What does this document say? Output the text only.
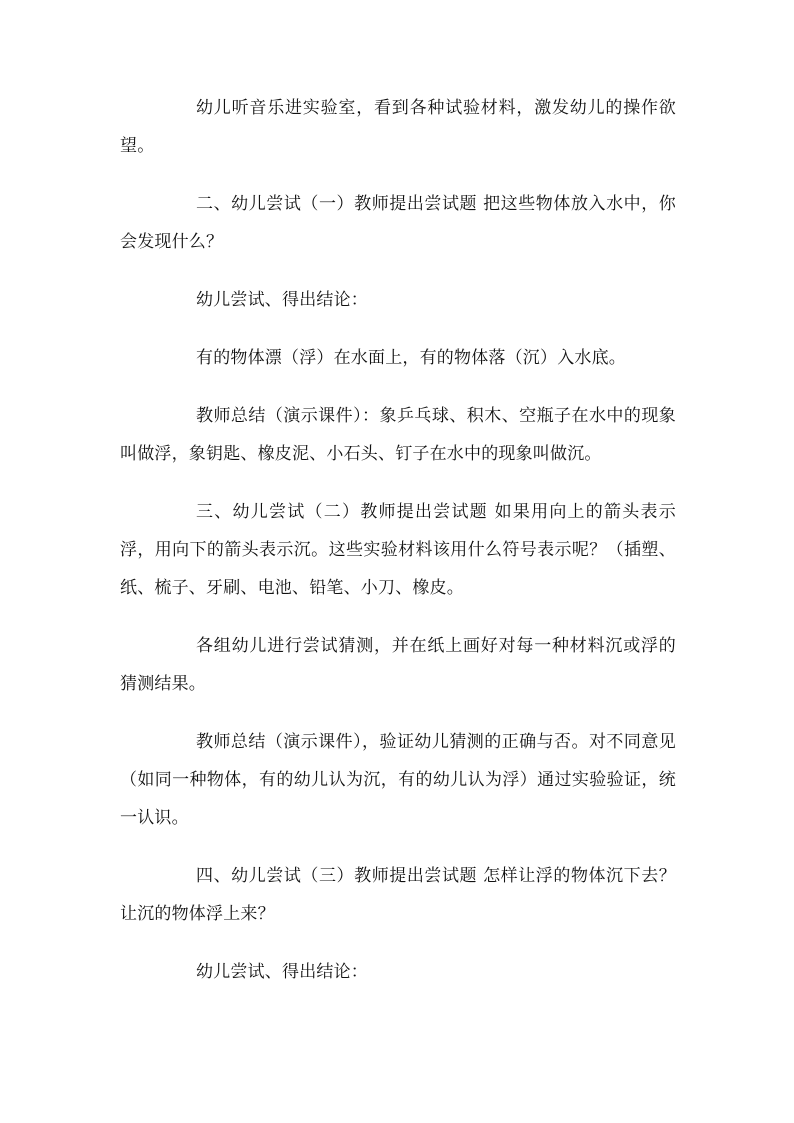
幼儿听音乐进实验室，看到各种试验材料，激发幼儿的操作欲望。

二、幼儿尝试（一）教师提出尝试题 把这些物体放入水中，你会发现什么？

幼儿尝试、得出结论：

有的物体漂（浮）在水面上，有的物体落（沉）入水底。

教师总结（演示课件）：象乒乓球、积木、空瓶子在水中的现象叫做浮，象钥匙、橡皮泥、小石头、钉子在水中的现象叫做沉。

三、幼儿尝试（二）教师提出尝试题 如果用向上的箭头表示浮，用向下的箭头表示沉。这些实验材料该用什么符号表示呢？（插塑、纸、梳子、牙刷、电池、铅笔、小刀、橡皮。

各组幼儿进行尝试猜测，并在纸上画好对每一种材料沉或浮的猜测结果。

教师总结（演示课件），验证幼儿猜测的正确与否。对不同意见（如同一种物体，有的幼儿认为沉，有的幼儿认为浮）通过实验验证，统一认识。

四、幼儿尝试（三）教师提出尝试题 怎样让浮的物体沉下去？让沉的物体浮上来？

幼儿尝试、得出结论：
